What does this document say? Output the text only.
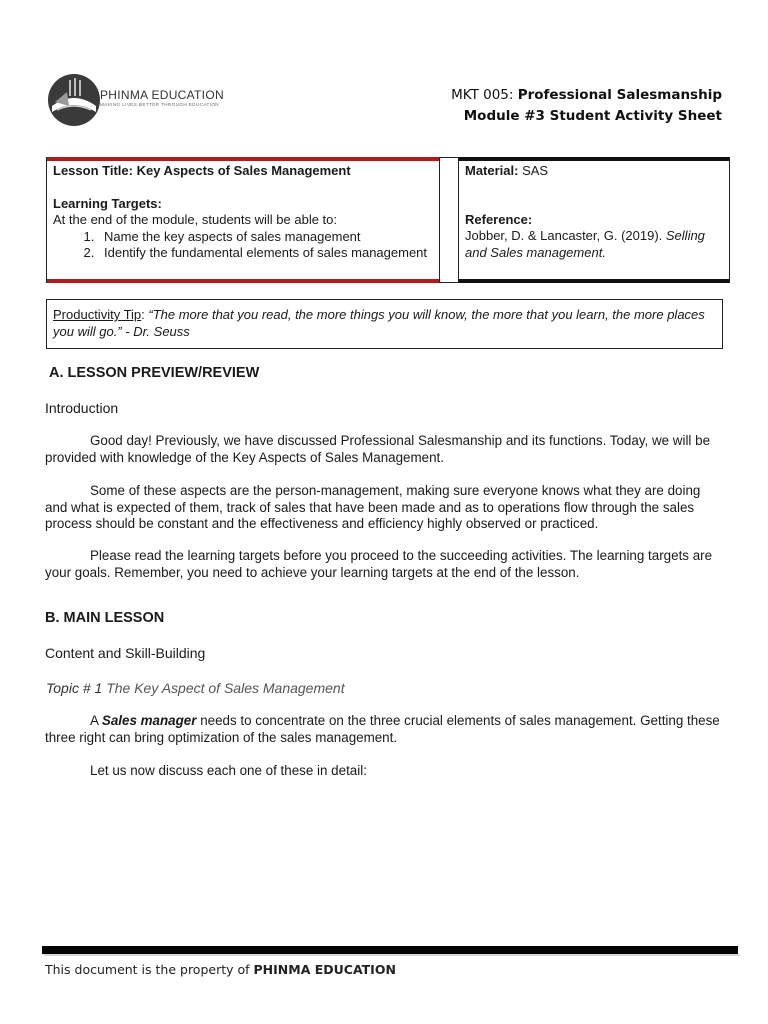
PHINMA EDUCATION
MAKING LIVES BETTER THROUGH EDUCATION
MKT 005: Professional Salesmanship
Module #3 Student Activity Sheet
Lesson Title: Key Aspects of Sales Management
Learning Targets:
At the end of the module, students will be able to:
1. Name the key aspects of sales management
2. Identify the fundamental elements of sales management
Material: SAS
Reference:
Jobber, D. & Lancaster, G. (2019). Selling and Sales management.
Productivity Tip: “The more that you read, the more things you will know, the more that you learn, the more places you will go.” - Dr. Seuss
A. LESSON PREVIEW/REVIEW
Introduction
Good day! Previously, we have discussed Professional Salesmanship and its functions. Today, we will be provided with knowledge of the Key Aspects of Sales Management.
Some of these aspects are the person-management, making sure everyone knows what they are doing and what is expected of them, track of sales that have been made and as to operations flow through the sales process should be constant and the effectiveness and efficiency highly observed or practiced.
Please read the learning targets before you proceed to the succeeding activities. The learning targets are your goals. Remember, you need to achieve your learning targets at the end of the lesson.
B. MAIN LESSON
Content and Skill-Building
Topic # 1 The Key Aspect of Sales Management
A Sales manager needs to concentrate on the three crucial elements of sales management. Getting these three right can bring optimization of the sales management.
Let us now discuss each one of these in detail:
This document is the property of PHINMA EDUCATION
